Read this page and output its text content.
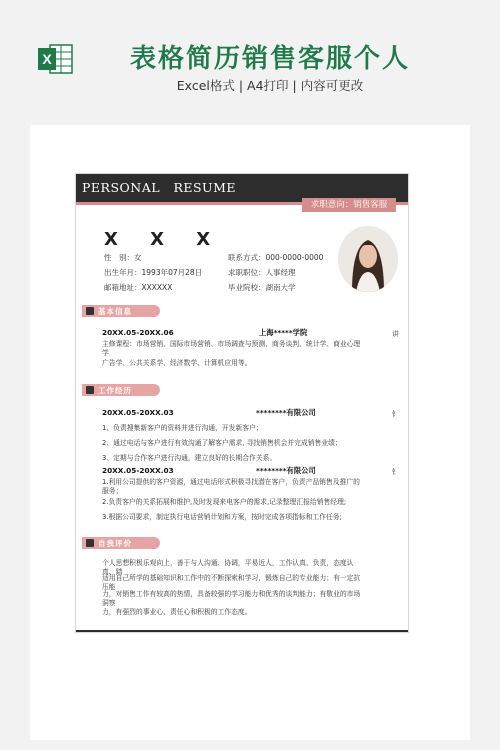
X	表格简历销售客服个人
Excel格式 | A4打印 | 内容可更改
PERSONAL   RESUME
求职意向：销售客服
X X X
性　别：女
出生年月：1993年07月28日
邮箱地址：XXXXXX
联系方式：000-0000-0000
求职职位：人事经理
毕业院校：湖南大学
基本信息
20XX.05-20XX.06	上海*****学院	讲
主修课程：市场营销、国际市场营销、市场调查与预测、商务谈判、统计学、商业心理
学
广告学、公共关系学、经济数学、计算机应用等。
工作经历
20XX.05-20XX.03	********有限公司	钅
1、负责搜集新客户的资料并进行沟通，开发新客户；
2、通过电话与客户进行有效沟通了解客户需求, 寻找销售机会并完成销售业绩；
3、定期与合作客户进行沟通，建立良好的长期合作关系。
20XX.05-20XX.03	********有限公司	钅
1.利用公司提供的客户资源，通过电话形式积极寻找潜在客户，负责产品销售及推广的
服务；
2.负责客户的关系拓展和维护,及时发现来电客户的需求,记录整理汇报给销售经理;
3.根据公司要求，制定执行电话营销计划和方案，按时完成各项指标和工作任务;
自我评价
个人思想积极乐观向上，善于与人沟通、协调，平易近人，工作认真、负责，态度认
真、踏
适用自己所学的基础知识和工作中的不断探索和学习，锻炼自己的专业能力；有一定抗
压能
力，对销售工作有较高的热情，具备较强的学习能力和优秀的谈判能力；有敬业的市场
洞察
力，有强烈的事业心、责任心和积极的工作态度。
